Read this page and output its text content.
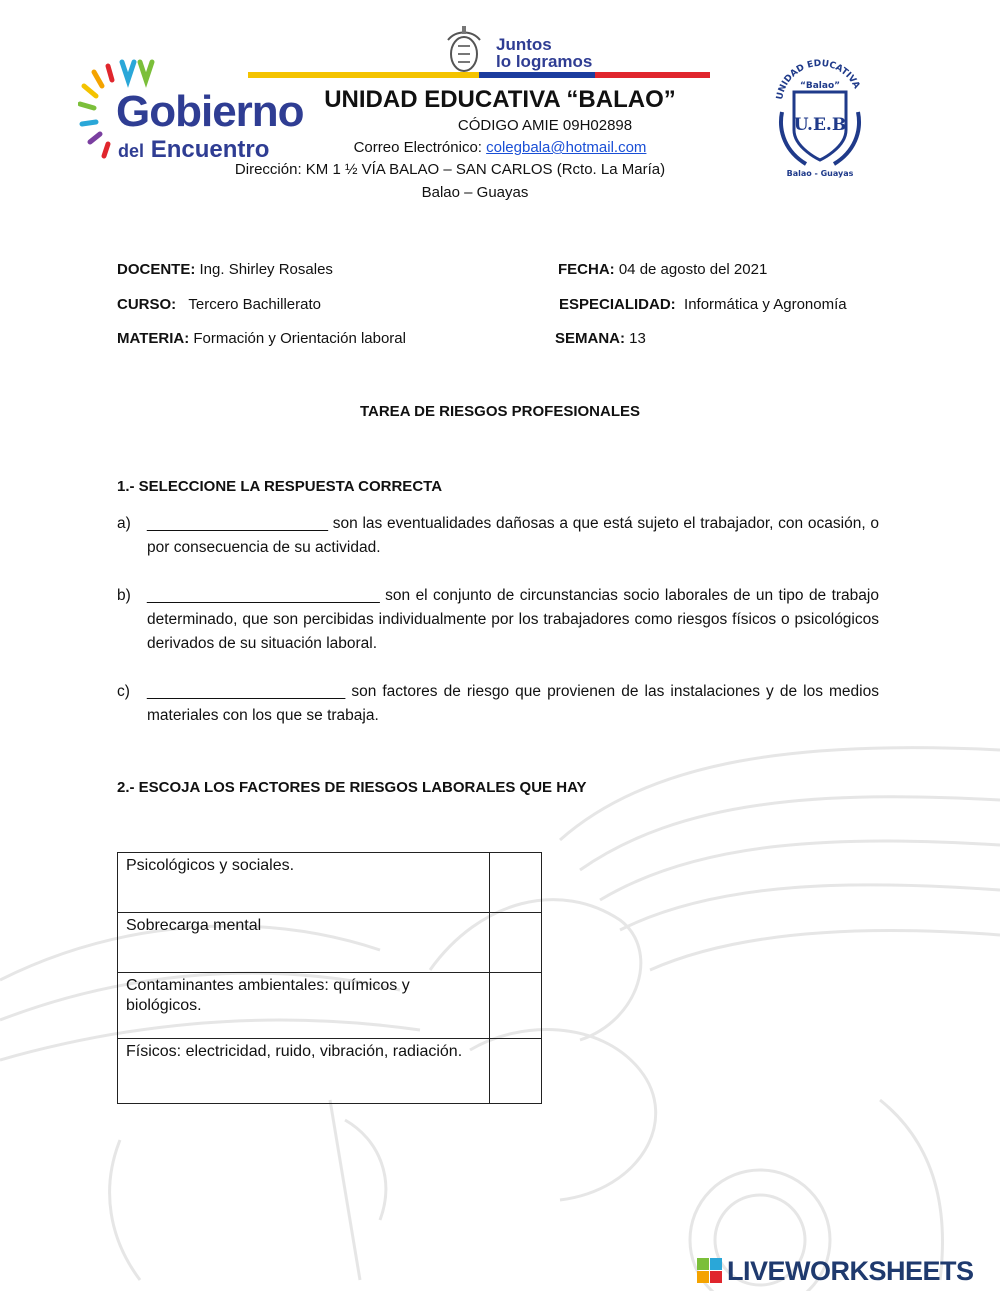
Gobierno
del Encuentro
Juntos
lo logramos
UNIDAD EDUCATIVA “BALAO”
CÓDIGO AMIE 09H02898
Correo Electrónico: colegbala@hotmail.com
Dirección: KM 1 ½ VÍA BALAO – SAN CARLOS (Rcto. La María)
Balao – Guayas
UNIDAD EDUCATIVA
“Balao”
U.E.B
Balao - Guayas
DOCENTE: Ing. Shirley Rosales	FECHA: 04 de agosto del 2021
CURSO:   Tercero Bachillerato	ESPECIALIDAD:  Informática y Agronomía
MATERIA: Formación y Orientación laboral	SEMANA: 13
TAREA DE RIESGOS PROFESIONALES
1.- SELECCIONE LA RESPUESTA CORRECTA
a)	_____________________ son las eventualidades dañosas a que está sujeto el trabajador, con ocasión, o por consecuencia de su actividad.
b)	___________________________ son el conjunto de circunstancias socio laborales de un tipo de trabajo determinado, que son percibidas individualmente por los trabajadores como riesgos físicos o psicológicos derivados de su situación laboral.
c)	_______________________ son factores de riesgo que provienen de las instalaciones y de los medios materiales con los que se trabaja.
2.- ESCOJA LOS FACTORES DE RIESGOS LABORALES QUE HAY
Psicológicos y sociales.	
Sobrecarga mental	
Contaminantes ambientales: químicos y biológicos.	
Físicos: electricidad, ruido, vibración, radiación.	
LIVEWORKSHEETS
